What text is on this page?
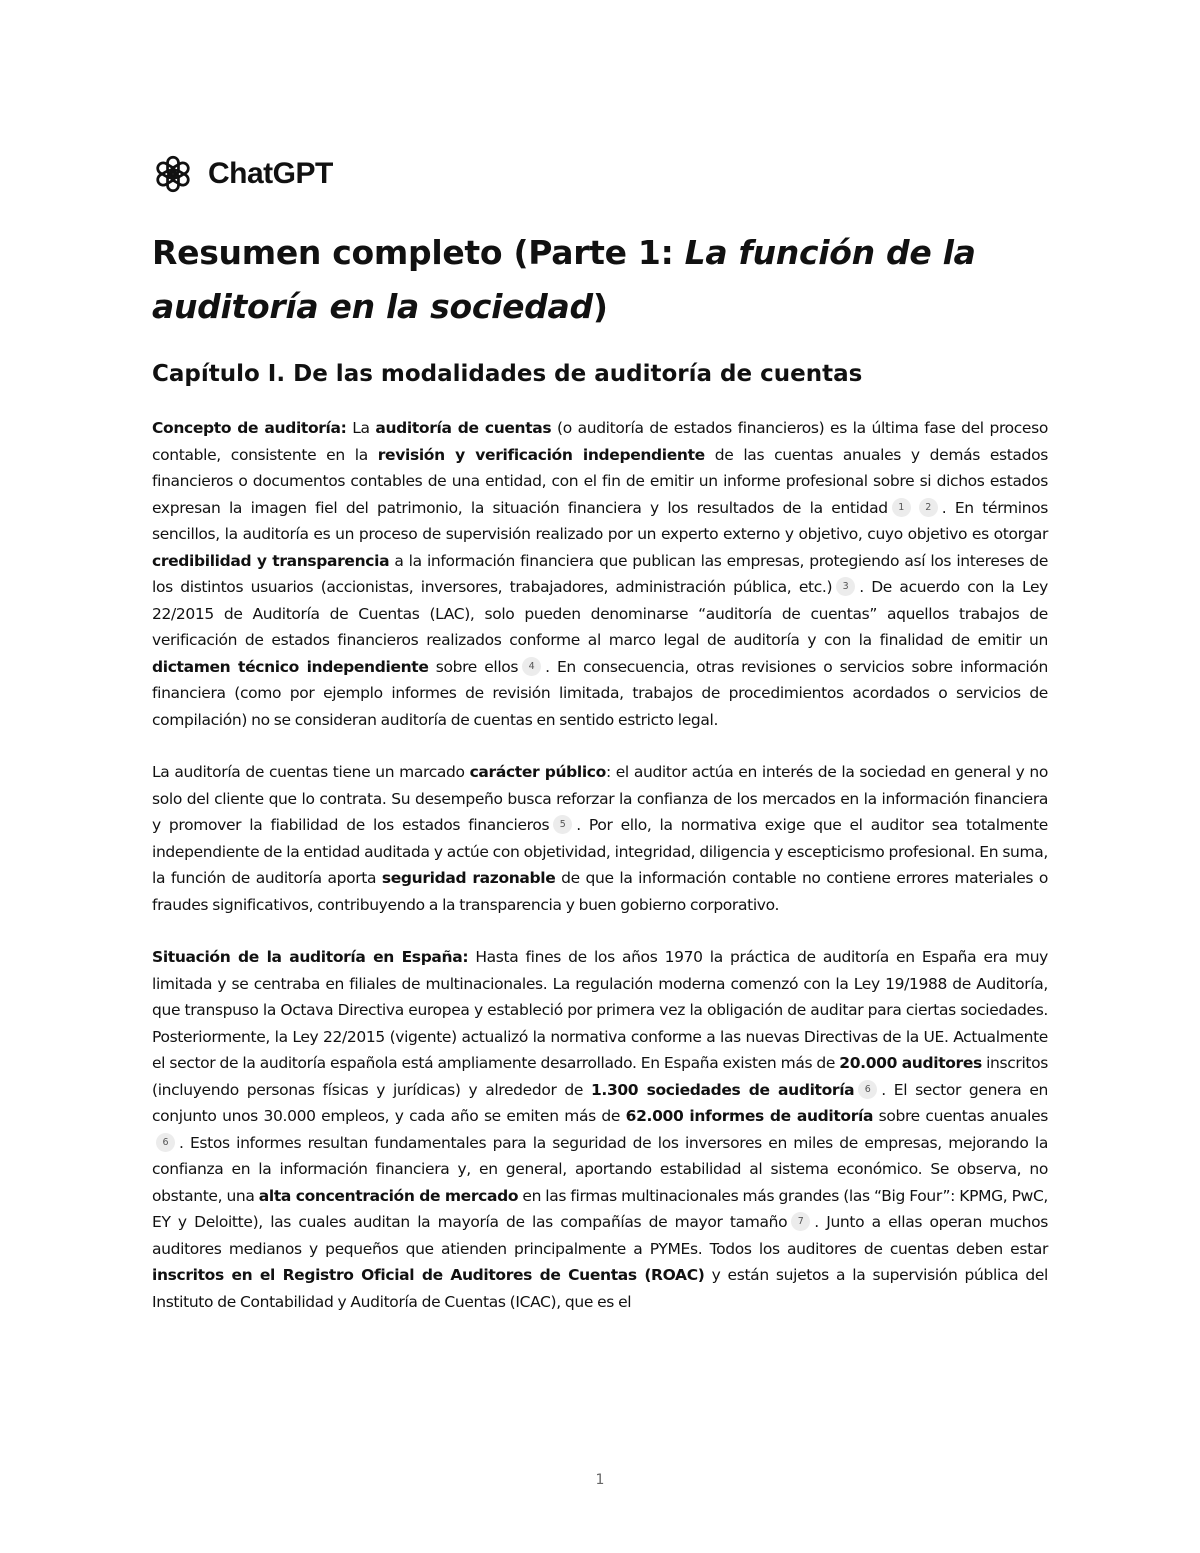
ChatGPT
Resumen completo (Parte 1: La función de la auditoría en la sociedad)
Capítulo I. De las modalidades de auditoría de cuentas

Concepto de auditoría: La auditoría de cuentas (o auditoría de estados financieros) es la última fase del proceso contable, consistente en la revisión y verificación independiente de las cuentas anuales y demás estados financieros o documentos contables de una entidad, con el fin de emitir un informe profesional sobre si dichos estados expresan la imagen fiel del patrimonio, la situación financiera y los resultados de la entidad 1 2 . En términos sencillos, la auditoría es un proceso de supervisión realizado por un experto externo y objetivo, cuyo objetivo es otorgar credibilidad y transparencia a la información financiera que publican las empresas, protegiendo así los intereses de los distintos usuarios (accionistas, inversores, trabajadores, administración pública, etc.) 3 . De acuerdo con la Ley 22/2015 de Auditoría de Cuentas (LAC), solo pueden denominarse “auditoría de cuentas” aquellos trabajos de verificación de estados financieros realizados conforme al marco legal de auditoría y con la finalidad de emitir un dictamen técnico independiente sobre ellos 4 . En consecuencia, otras revisiones o servicios sobre información financiera (como por ejemplo informes de revisión limitada, trabajos de procedimientos acordados o servicios de compilación) no se consideran auditoría de cuentas en sentido estricto legal.

La auditoría de cuentas tiene un marcado carácter público: el auditor actúa en interés de la sociedad en general y no solo del cliente que lo contrata. Su desempeño busca reforzar la confianza de los mercados en la información financiera y promover la fiabilidad de los estados financieros 5 . Por ello, la normativa exige que el auditor sea totalmente independiente de la entidad auditada y actúe con objetividad, integridad, diligencia y escepticismo profesional. En suma, la función de auditoría aporta seguridad razonable de que la información contable no contiene errores materiales o fraudes significativos, contribuyendo a la transparencia y buen gobierno corporativo.

Situación de la auditoría en España: Hasta fines de los años 1970 la práctica de auditoría en España era muy limitada y se centraba en filiales de multinacionales. La regulación moderna comenzó con la Ley 19/1988 de Auditoría, que transpuso la Octava Directiva europea y estableció por primera vez la obligación de auditar para ciertas sociedades. Posteriormente, la Ley 22/2015 (vigente) actualizó la normativa conforme a las nuevas Directivas de la UE. Actualmente el sector de la auditoría española está ampliamente desarrollado. En España existen más de 20.000 auditores inscritos (incluyendo personas físicas y jurídicas) y alrededor de 1.300 sociedades de auditoría 6 . El sector genera en conjunto unos 30.000 empleos, y cada año se emiten más de 62.000 informes de auditoría sobre cuentas anuales6 . Estos informes resultan fundamentales para la seguridad de los inversores en miles de empresas, mejorando la confianza en la información financiera y, en general, aportando estabilidad al sistema económico. Se observa, no obstante, una alta concentración de mercado en las firmas multinacionales más grandes (las “Big Four”: KPMG, PwC, EY y Deloitte), las cuales auditan la mayoría de las compañías de mayor tamaño 7 . Junto a ellas operan muchos auditores medianos y pequeños que atienden principalmente a PYMEs. Todos los auditores de cuentas deben estar inscritos en el Registro Oficial de Auditores de Cuentas (ROAC) y están sujetos a la supervisión pública del Instituto de Contabilidad y Auditoría de Cuentas (ICAC), que es el

1
